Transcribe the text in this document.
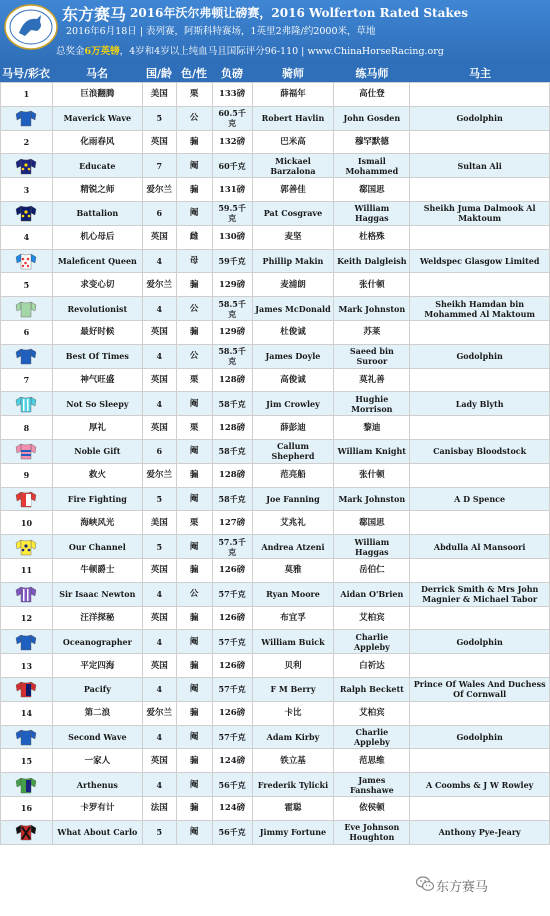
东方赛马 2016年沃尔弗顿让磅赛，2016 Wolferton Rated Stakes
2016年6月18日 | 表列赛，阿斯科特赛场，1英里2弗隆/约2000米，草地
总奖金6万英镑，4岁和4岁以上纯血马且国际评分96-110 | www.ChinaHorseRacing.org
马号/彩衣	马名	国/龄 色/性	负磅	骑师	练马师	马主
1	巨浪翻腾	美国	栗	133磅	薛福年	高仕登	

	Maverick Wave	5	公	60.5千克	Robert Havlin	John Gosden	Godolphin
2	化雨春风	英国	骟	132磅	巴米高	穆罕默德	

	Educate	7	阉	60千克	Mickael Barzalona	Ismail Mohammed	Sultan Ali
3	精锐之师	爱尔兰	骟	131磅	郭善佳	郗国思	

	Battalion	6	阉	59.5千克	Pat Cosgrave	William Haggas	Sheikh Juma Dalmook Al Maktoum
4	机心母后	英国	雌	130磅	麦坚	杜格殊	

	Maleficent Queen	4	母	59千克	Phillip Makin	Keith Dalgleish	Weldspec Glasgow Limited
5	求变心切	爱尔兰	骟	129磅	麦浦朗	张什顿	

	Revolutionist	4	公	58.5千克	James McDonald	Mark Johnston	Sheikh Hamdan bin Mohammed Al Maktoum
6	最好时候	英国	骟	129磅	杜俊诚	苏莱	

	Best Of Times	4	公	58.5千克	James Doyle	Saeed bin Suroor	Godolphin
7	神气旺盛	英国	栗	128磅	高俊诚	莫礼善	

	Not So Sleepy	4	阉	58千克	Jim Crowley	Hughie Morrison	Lady Blyth
8	厚礼	英国	栗	128磅	薛彭迪	黎迪	

	Noble Gift	6	阉	58千克	Callum Shepherd	William Knight	Canisbay Bloodstock
9	救火	爱尔兰	骟	128磅	范亮船	张什顿	

	Fire Fighting	5	阉	58千克	Joe Fanning	Mark Johnston	A D Spence
10	海峡风光	美国	栗	127磅	艾兆礼	郗国思	

	Our Channel	5	阉	57.5千克	Andrea Atzeni	William Haggas	Abdulla Al Mansoori
11	牛顿爵士	英国	骟	126磅	莫雅	岳伯仁	

	Sir Isaac Newton	4	公	57千克	Ryan Moore	Aidan O'Brien	Derrick Smith & Mrs John Magnier & Michael Tabor
12	汪洋探秘	英国	骟	126磅	布宜孚	艾柏宾	

	Oceanographer	4	阉	57千克	William Buick	Charlie Appleby	Godolphin
13	平定四海	英国	骟	126磅	贝利	白祈达	

	Pacify	4	阉	57千克	F M Berry	Ralph Beckett	Prince Of Wales And Duchess Of Cornwall
14	第二浪	爱尔兰	骟	126磅	卡比	艾柏宾	

	Second Wave	4	阉	57千克	Adam Kirby	Charlie Appleby	Godolphin
15	一家人	英国	骟	124磅	铁立基	范思维	

	Arthenus	4	阉	56千克	Frederik Tylicki	James Fanshawe	A Coombs & J W Rowley
16	卡罗有计	法国	骟	124磅	霍聪	依侯顿	

	What About Carlo	5	阉	56千克	Jimmy Fortune	Eve Johnson Houghton	Anthony Pye-Jeary
东方赛马
